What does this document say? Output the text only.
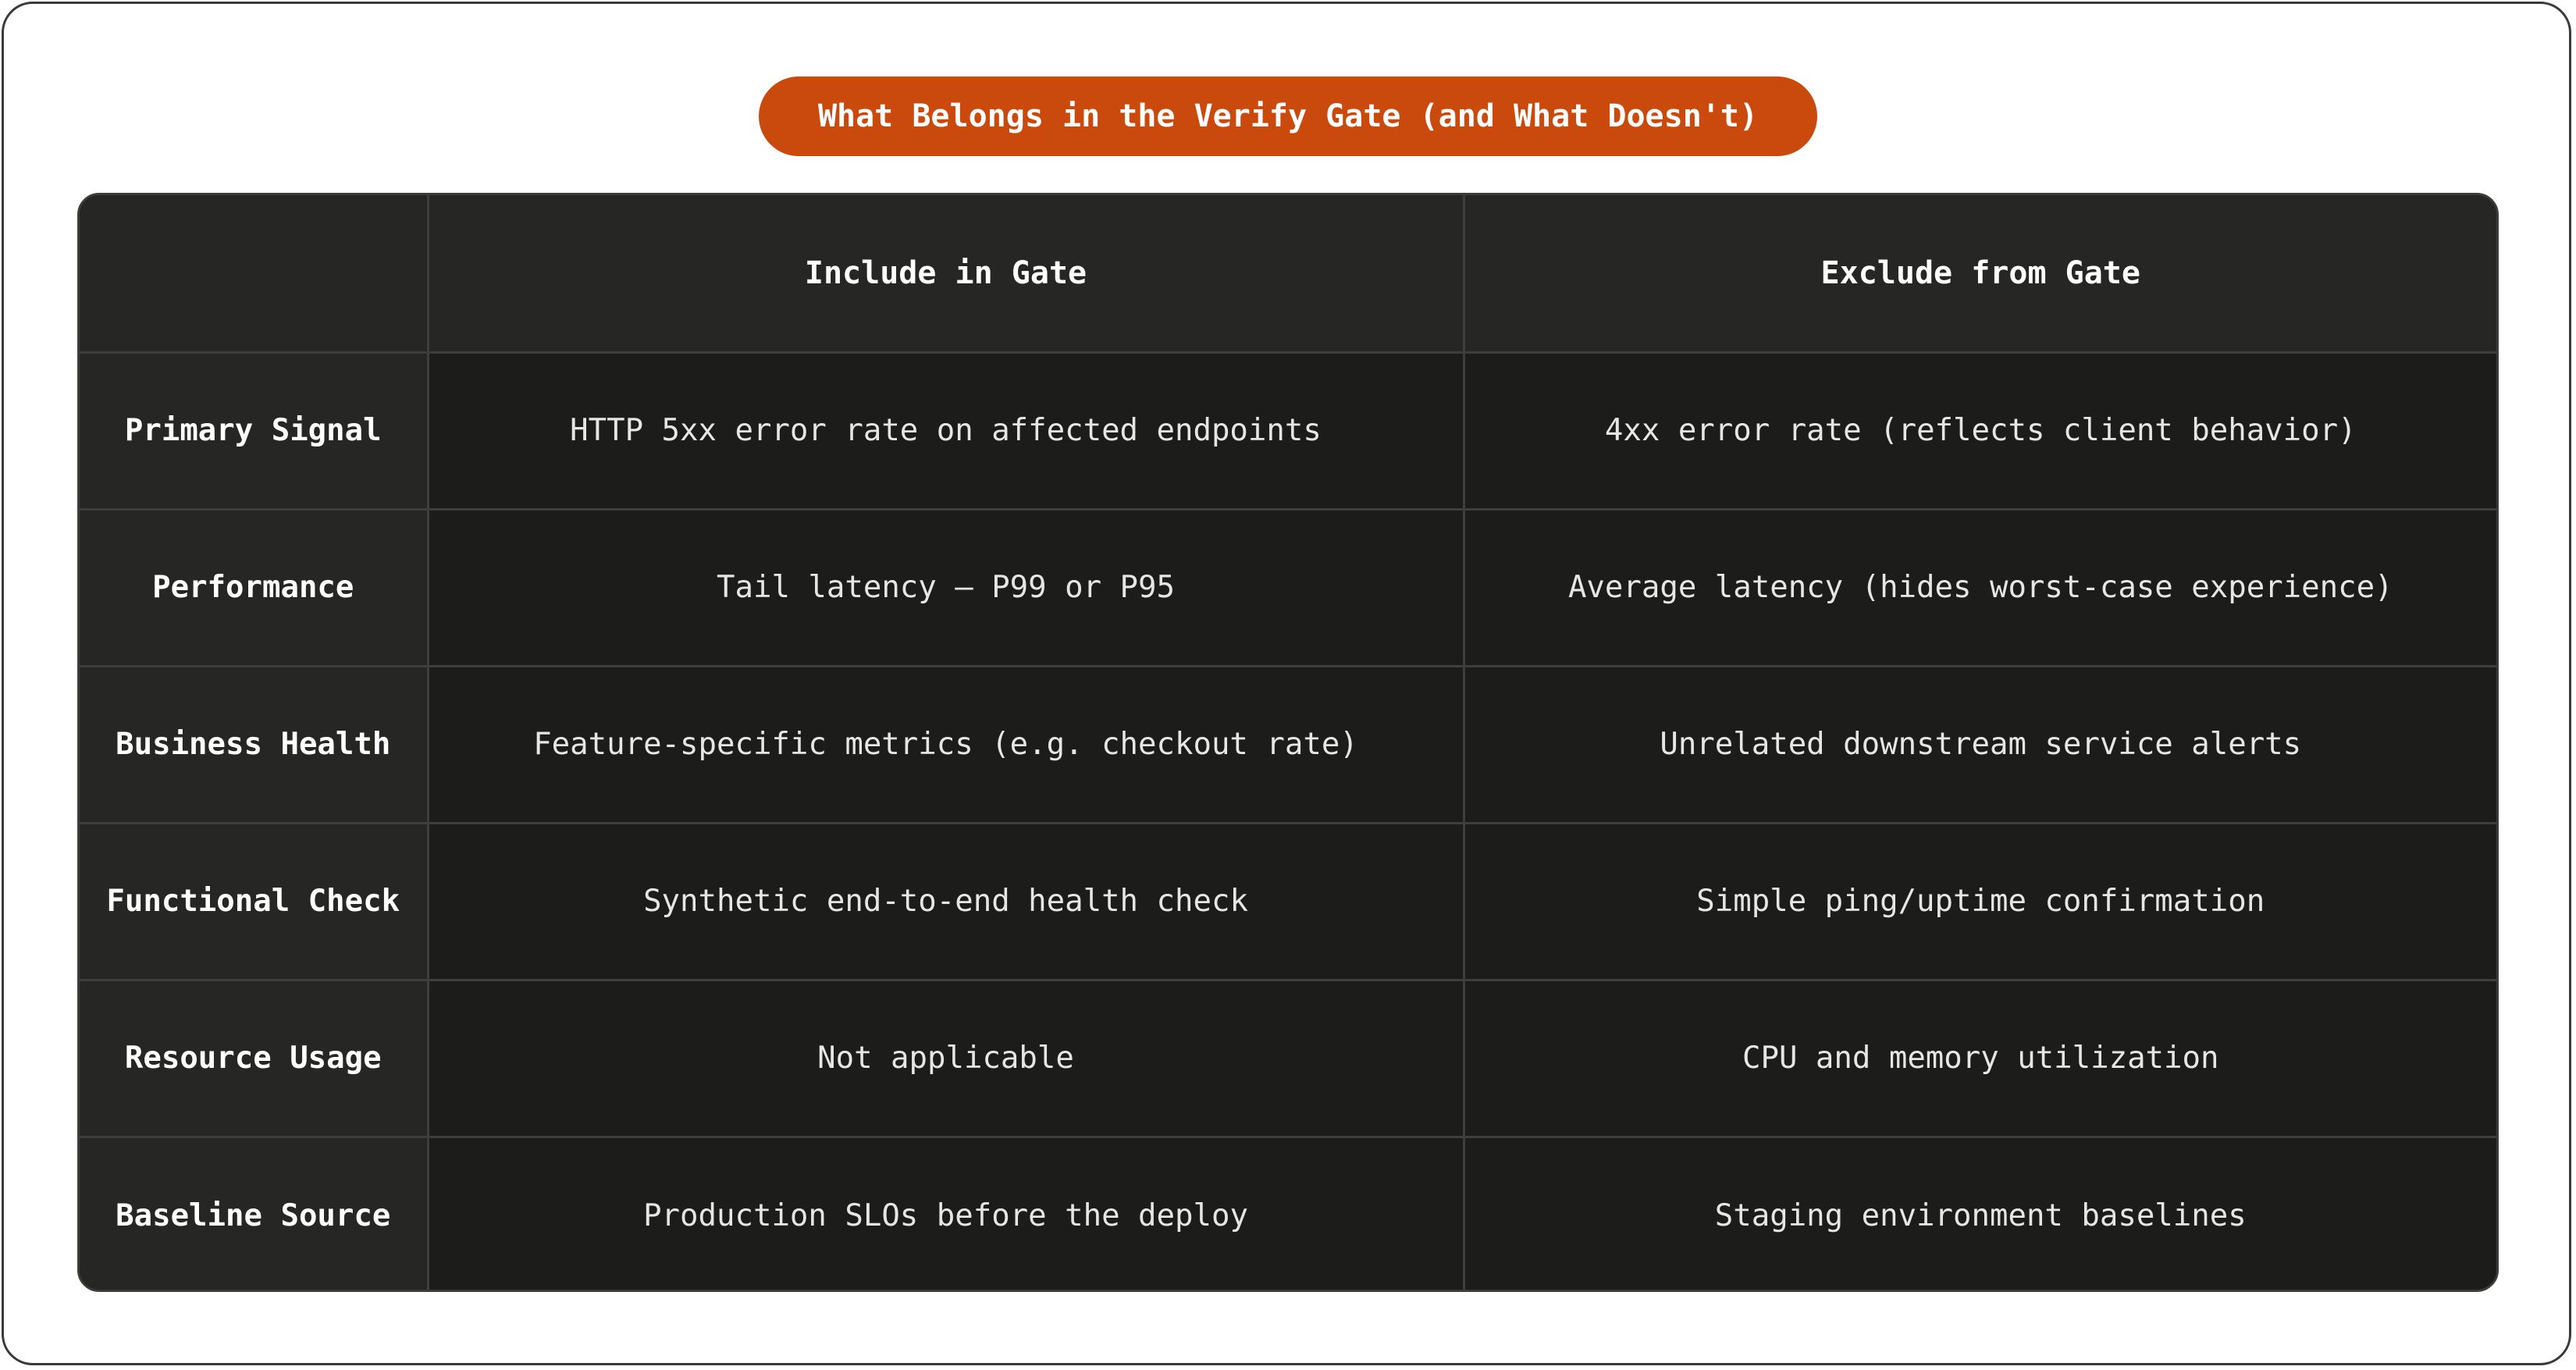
What Belongs in the Verify Gate (and What Doesn't)
	Include in Gate	Exclude from Gate
Primary Signal	HTTP 5xx error rate on affected endpoints	4xx error rate (reflects client behavior)
Performance	Tail latency — P99 or P95	Average latency (hides worst-case experience)
Business Health	Feature-specific metrics (e.g. checkout rate)	Unrelated downstream service alerts
Functional Check	Synthetic end-to-end health check	Simple ping/uptime confirmation
Resource Usage	Not applicable	CPU and memory utilization
Baseline Source	Production SLOs before the deploy	Staging environment baselines
